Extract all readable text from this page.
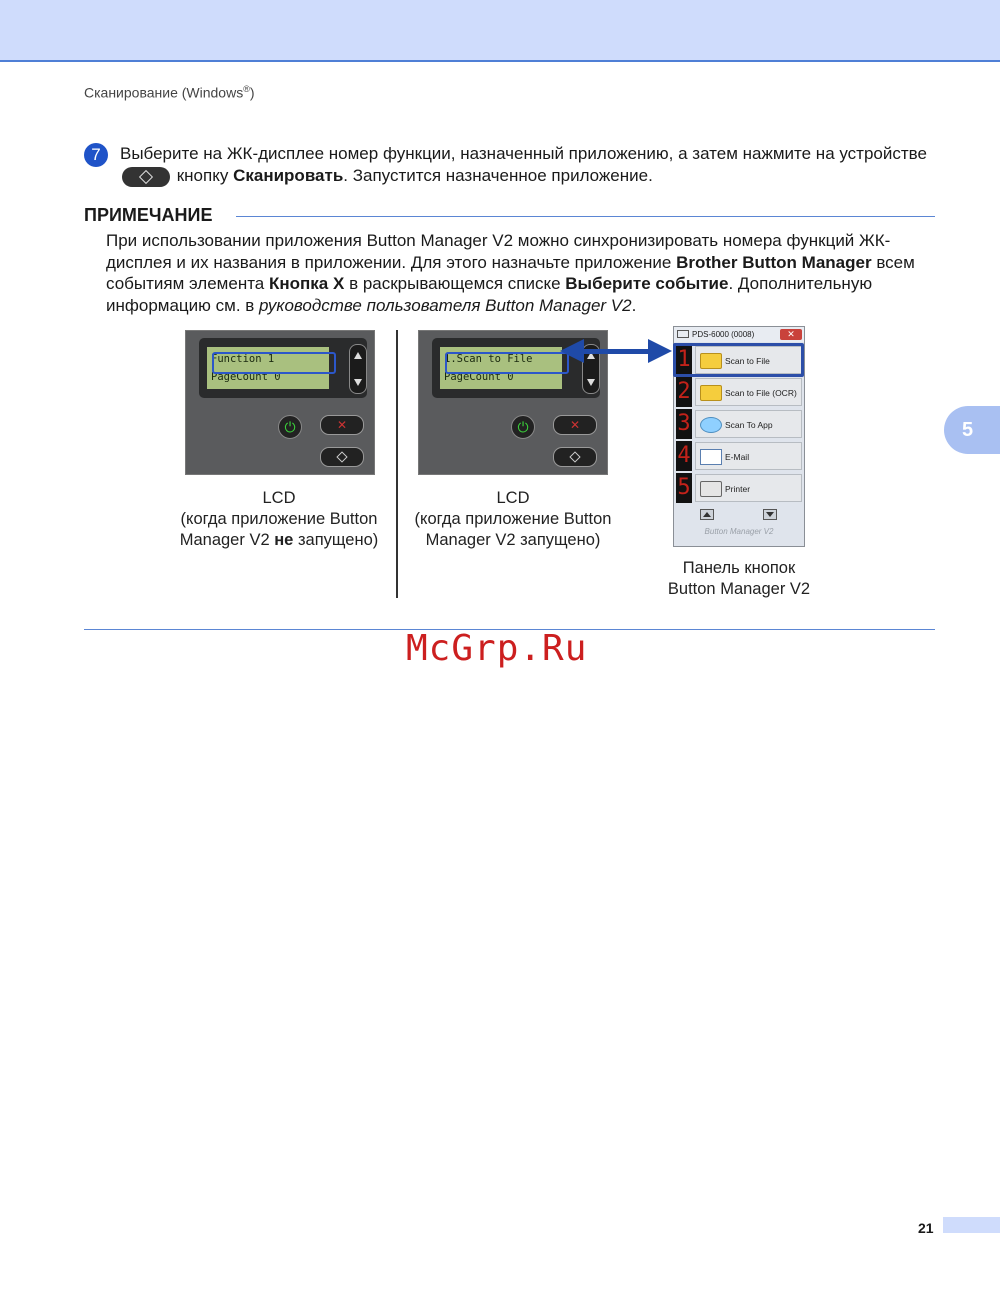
Сканирование (Windows®)
7	Выберите на ЖК-дисплее номер функции, назначенный приложению, а затем нажмите на устройстве  кнопку Сканировать. Запустится назначенное приложение.
ПРИМЕЧАНИЕ
При использовании приложения Button Manager V2 можно синхронизировать номера функций ЖК-дисплея и их названия в приложении. Для этого назначьте приложение Brother Button Manager всем событиям элемента Кнопка X в раскрывающемся списке Выберите событие. Дополнительную информацию см. в руководстве пользователя Button Manager V2.
Function 1
PageCount 0
⏻	✕
LCD
(когда приложение Button Manager V2 не запущено)
1.Scan to File
PageCount 0
⏻	✕
LCD
(когда приложение Button Manager V2 запущено)
PDS-6000 (0008)	✕
1	Scan to File
2	Scan to File (OCR)
3	Scan To App
4	E-Mail
5	Printer
Button Manager V2
Панель кнопок
Button Manager V2
McGrp.Ru
5
21
